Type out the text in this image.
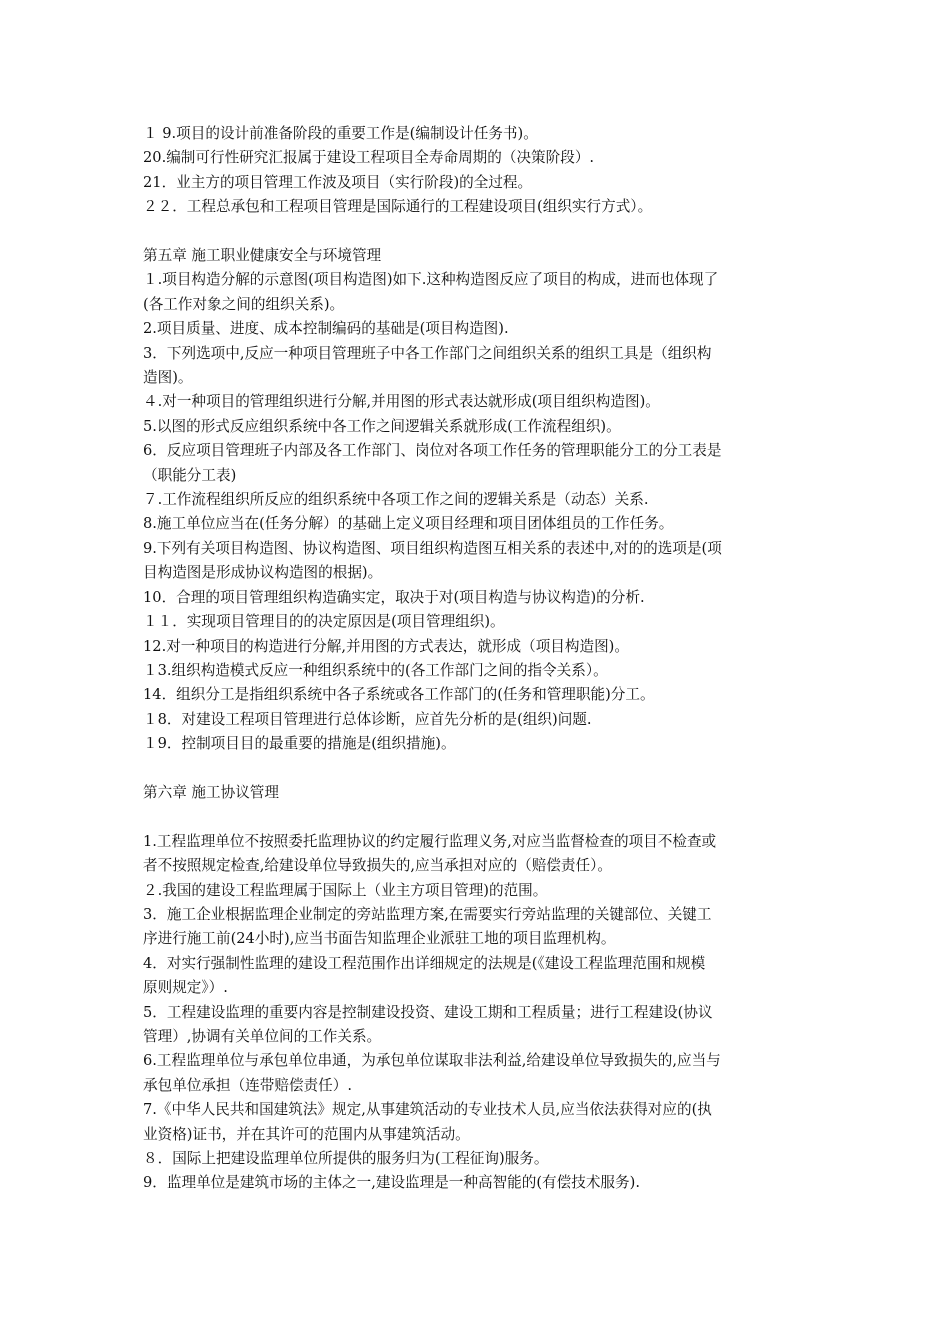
１ 9.项目的设计前准备阶段的重要工作是(编制设计任务书)。
20.编制可行性研究汇报属于建设工程项目全寿命周期的（决策阶段）.
21．业主方的项目管理工作波及项目（实行阶段)的全过程。
２２．工程总承包和工程项目管理是国际通行的工程建设项目(组织实行方式）。
第五章 施工职业健康安全与环境管理
１.项目构造分解的示意图(项目构造图)如下.这种构造图反应了项目的构成，进而也体现了
(各工作对象之间的组织关系)。
2.项目质量、进度、成本控制编码的基础是(项目构造图).
3．下列选项中,反应一种项目管理班子中各工作部门之间组织关系的组织工具是（组织构
造图)。
４.对一种项目的管理组织进行分解,并用图的形式表达就形成(项目组织构造图)。
5.以图的形式反应组织系统中各工作之间逻辑关系就形成(工作流程组织)。
6．反应项目管理班子内部及各工作部门、岗位对各项工作任务的管理职能分工的分工表是
（职能分工表)
７.工作流程组织所反应的组织系统中各项工作之间的逻辑关系是（动态）关系.
8.施工单位应当在(任务分解）的基础上定义项目经理和项目团体组员的工作任务。
9.下列有关项目构造图、协议构造图、项目组织构造图互相关系的表述中,对的的选项是(项
目构造图是形成协议构造图的根据)。
10．合理的项目管理组织构造确实定，取决于对(项目构造与协议构造)的分析.
１１．实现项目管理目的的决定原因是(项目管理组织)。
12.对一种项目的构造进行分解,并用图的方式表达，就形成（项目构造图)。
１3.组织构造模式反应一种组织系统中的(各工作部门之间的指令关系）。
14．组织分工是指组织系统中各子系统或各工作部门的(任务和管理职能)分工。
１8．对建设工程项目管理进行总体诊断，应首先分析的是(组织)问题.
１9．控制项目目的最重要的措施是(组织措施)。
第六章 施工协议管理
1.工程监理单位不按照委托监理协议的约定履行监理义务,对应当监督检查的项目不检查或
者不按照规定检查,给建设单位导致损失的,应当承担对应的（赔偿责任）。
２.我国的建设工程监理属于国际上（业主方项目管理)的范围。
3．施工企业根据监理企业制定的旁站监理方案,在需要实行旁站监理的关键部位、关键工
序进行施工前(24小时),应当书面告知监理企业派驻工地的项目监理机构。
4．对实行强制性监理的建设工程范围作出详细规定的法规是(《建设工程监理范围和规模
原则规定》）.
5．工程建设监理的重要内容是控制建设投资、建设工期和工程质量；进行工程建设(协议
管理）,协调有关单位间的工作关系。
6.工程监理单位与承包单位串通，为承包单位谋取非法利益,给建设单位导致损失的,应当与
承包单位承担（连带赔偿责任）.
7.《中华人民共和国建筑法》规定,从事建筑活动的专业技术人员,应当依法获得对应的(执
业资格)证书，并在其许可的范围内从事建筑活动。
８．国际上把建设监理单位所提供的服务归为(工程征询)服务。
9．监理单位是建筑市场的主体之一,建设监理是一种高智能的(有偿技术服务).
